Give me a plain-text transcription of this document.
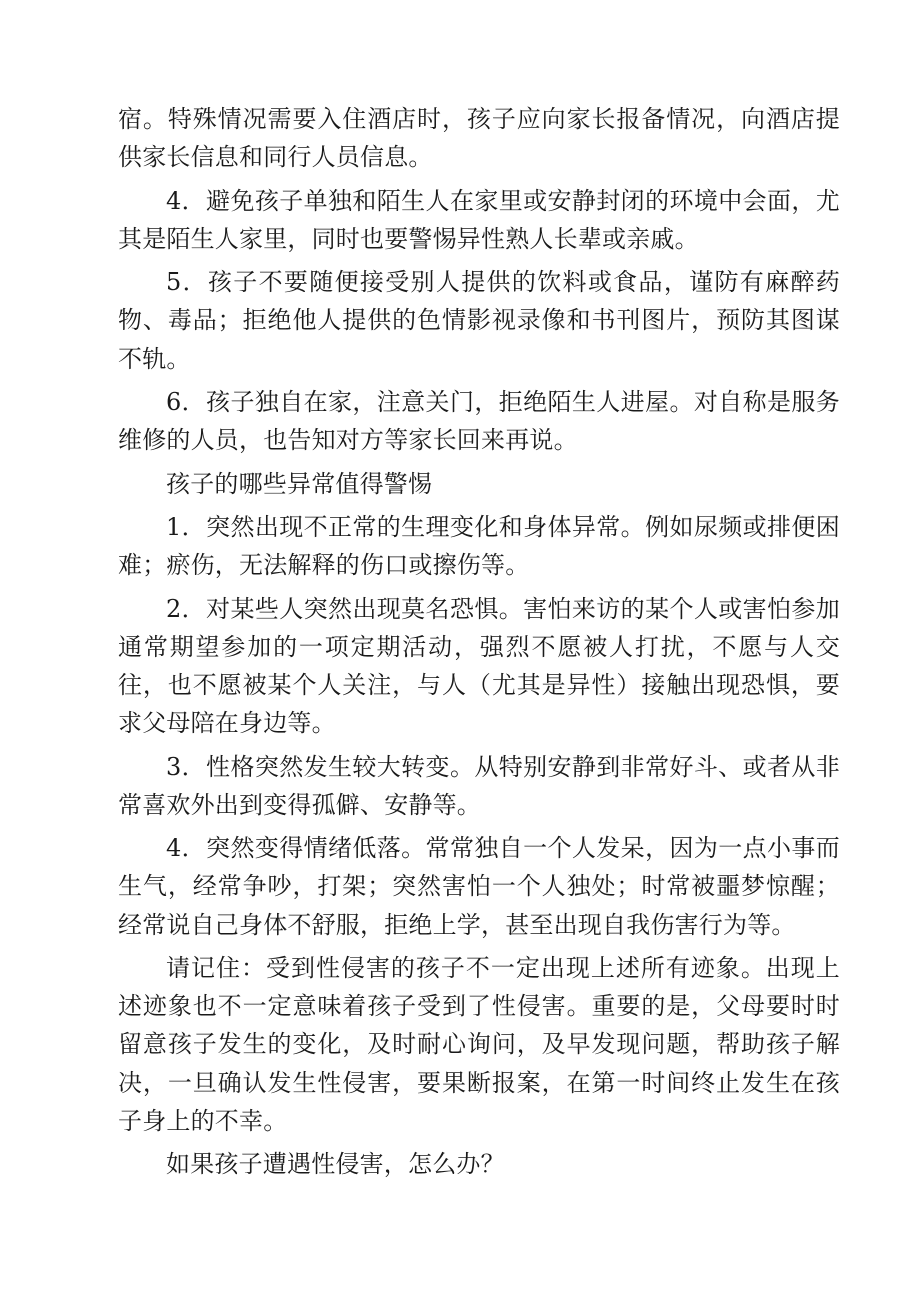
宿。特殊情况需要入住酒店时，孩子应向家长报备情况，向酒店提供家长信息和同行人员信息。

4．避免孩子单独和陌生人在家里或安静封闭的环境中会面，尤其是陌生人家里，同时也要警惕异性熟人长辈或亲戚。

5．孩子不要随便接受别人提供的饮料或食品，谨防有麻醉药物、毒品；拒绝他人提供的色情影视录像和书刊图片，预防其图谋不轨。

6．孩子独自在家，注意关门，拒绝陌生人进屋。对自称是服务维修的人员，也告知对方等家长回来再说。

孩子的哪些异常值得警惕

1．突然出现不正常的生理变化和身体异常。例如尿频或排便困难；瘀伤，无法解释的伤口或擦伤等。

2．对某些人突然出现莫名恐惧。害怕来访的某个人或害怕参加通常期望参加的一项定期活动，强烈不愿被人打扰，不愿与人交往，也不愿被某个人关注，与人（尤其是异性）接触出现恐惧，要求父母陪在身边等。

3．性格突然发生较大转变。从特别安静到非常好斗、或者从非常喜欢外出到变得孤僻、安静等。

4．突然变得情绪低落。常常独自一个人发呆，因为一点小事而生气，经常争吵，打架；突然害怕一个人独处；时常被噩梦惊醒；经常说自己身体不舒服，拒绝上学，甚至出现自我伤害行为等。

请记住：受到性侵害的孩子不一定出现上述所有迹象。出现上述迹象也不一定意味着孩子受到了性侵害。重要的是，父母要时时留意孩子发生的变化，及时耐心询问，及早发现问题，帮助孩子解决，一旦确认发生性侵害，要果断报案，在第一时间终止发生在孩子身上的不幸。

如果孩子遭遇性侵害，怎么办？
